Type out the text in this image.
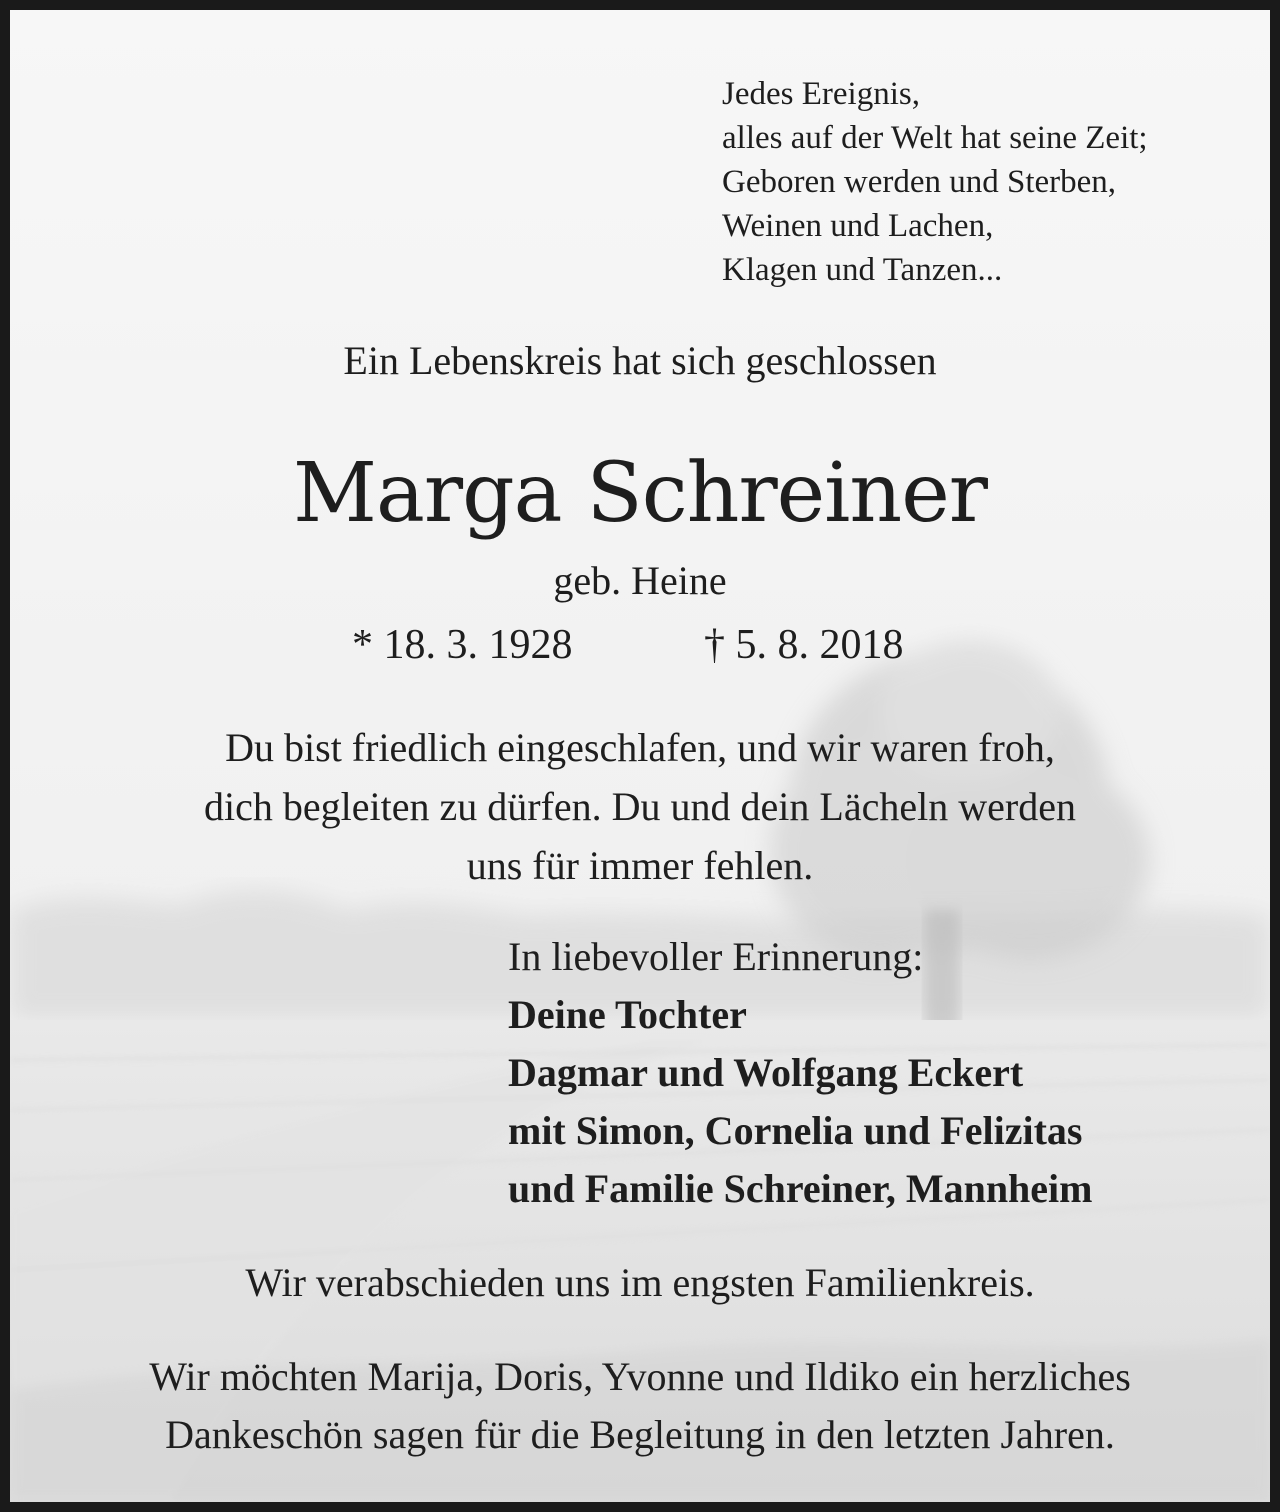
Jedes Ereignis,
alles auf der Welt hat seine Zeit;
Geboren werden und Sterben,
Weinen und Lachen,
Klagen und Tanzen...
Ein Lebenskreis hat sich geschlossen
Marga Schreiner
geb. Heine
* 18. 3. 1928	† 5. 8. 2018
Du bist friedlich eingeschlafen, und wir waren froh,
dich begleiten zu dürfen. Du und dein Lächeln werden
uns für immer fehlen.
In liebevoller Erinnerung:
Deine Tochter
Dagmar und Wolfgang Eckert
mit Simon, Cornelia und Felizitas
und Familie Schreiner, Mannheim
Wir verabschieden uns im engsten Familienkreis.
Wir möchten Marija, Doris, Yvonne und Ildiko ein herzliches
Dankeschön sagen für die Begleitung in den letzten Jahren.
